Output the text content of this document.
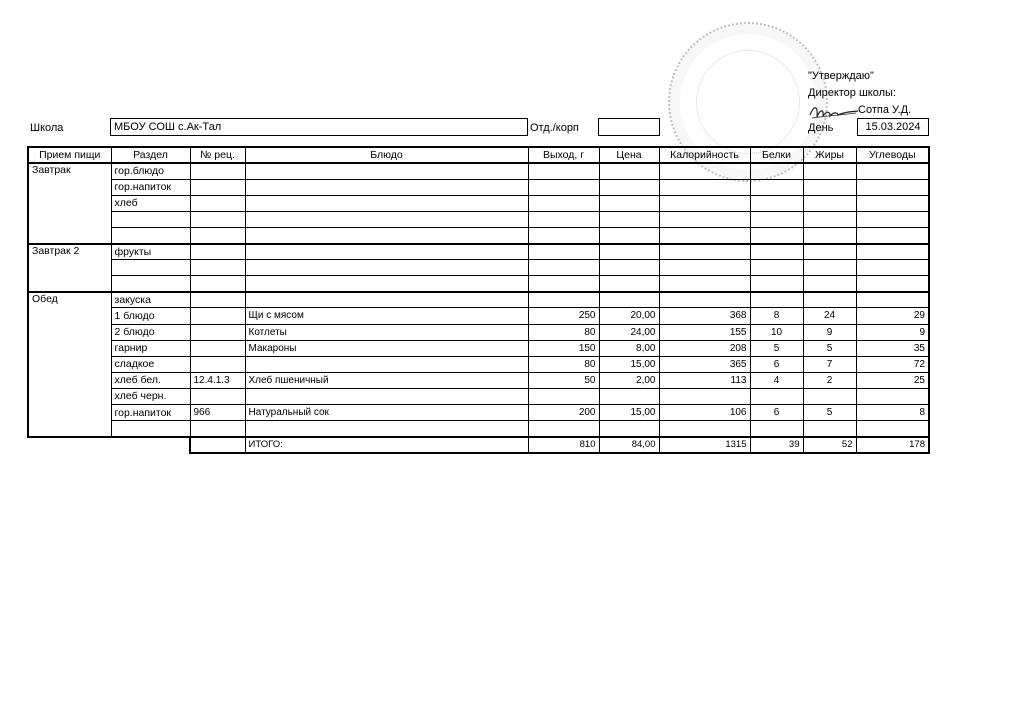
"Утверждаю"
Директор школы:
Сотпа У.Д.
День	15.03.2024
Школа	МБОУ СОШ с.Ак-Тал	Отд./корп
Прием пищи	Раздел	№ рец.	Блюдо	Выход, г	Цена	Калорийность	Белки	Жиры	Углеводы
Завтрак	гор.блюдо								
	гор.напиток								
	хлеб								

Завтрак 2	фрукты								

Обед	закуска								
	1 блюдо		Щи с мясом	250	20,00	368	8	24	29
	2 блюдо		Котлеты	80	24,00	155	10	9	9
	гарнир		Макароны	150	8,00	208	5	5	35
	сладкое			80	15,00	365	6	7	72
	хлеб бел.	12.4.1.3	Хлеб пшеничный	50	2,00	113	4	2	25
	хлеб черн.								
	гор.напиток	966	Натуральный сок	200	15,00	106	6	5	8

			ИТОГО:	810	84,00	1315	39	52	178
